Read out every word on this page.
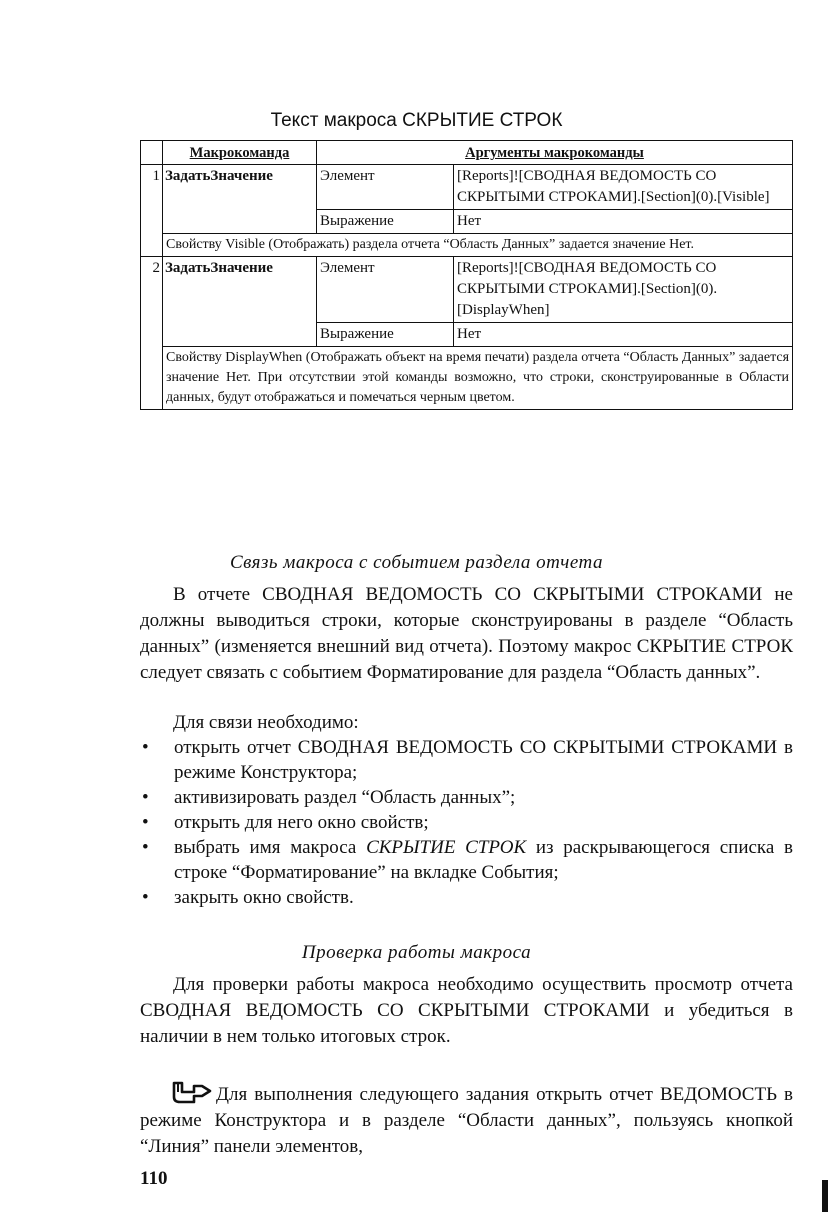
Текст макроса СКРЫТИЕ СТРОК
	Макрокоманда	Аргументы макрокоманды	
1	ЗадатьЗначение	Элемент	[Reports]![СВОДНАЯ ВЕДОМОСТЬ СО СКРЫТЫМИ СТРОКАМИ].[Section](0).[Visible]
		Выражение	Нет
	Свойству Visible (Отображать) раздела отчета “Область Данных” задается значение Нет.		
2	ЗадатьЗначение	Элемент	[Reports]![СВОДНАЯ ВЕДОМОСТЬ СО СКРЫТЫМИ СТРОКАМИ].[Section](0).[DisplayWhen]
		Выражение	Нет
	Свойству DisplayWhen (Отображать объект на время печати) раздела отчета “Область Данных” задается значение Нет. При отсутствии этой команды возможно, что строки, сконструированные в Области данных, будут отображаться и помечаться черным цветом.		
Связь макроса с событием раздела отчета

В отчете СВОДНАЯ ВЕДОМОСТЬ СО СКРЫТЫМИ СТРОКАМИ не должны выводиться строки, которые сконструированы в разделе “Область данных” (изменяется внешний вид отчета). Поэтому макрос СКРЫТИЕ СТРОК следует связать с событием Форматирование для раздела “Область данных”.

Для связи необходимо:

• открыть отчет СВОДНАЯ ВЕДОМОСТЬ СО СКРЫТЫМИ СТРОКАМИ в режиме Конструктора;
• активизировать раздел “Область данных”;
• открыть для него окно свойств;
• выбрать имя макроса СКРЫТИЕ СТРОК из раскрывающегося списка в строке “Форматирование” на вкладке События;
• закрыть окно свойств.
Проверка работы макроса

Для проверки работы макроса необходимо осуществить просмотр отчета СВОДНАЯ ВЕДОМОСТЬ СО СКРЫТЫМИ СТРОКАМИ и убедиться в наличии в нем только итоговых строк.

Для выполнения следующего задания открыть отчет ВЕДОМОСТЬ в режиме Конструктора и в разделе “Области данных”, пользуясь кнопкой “Линия” панели элементов,

110
